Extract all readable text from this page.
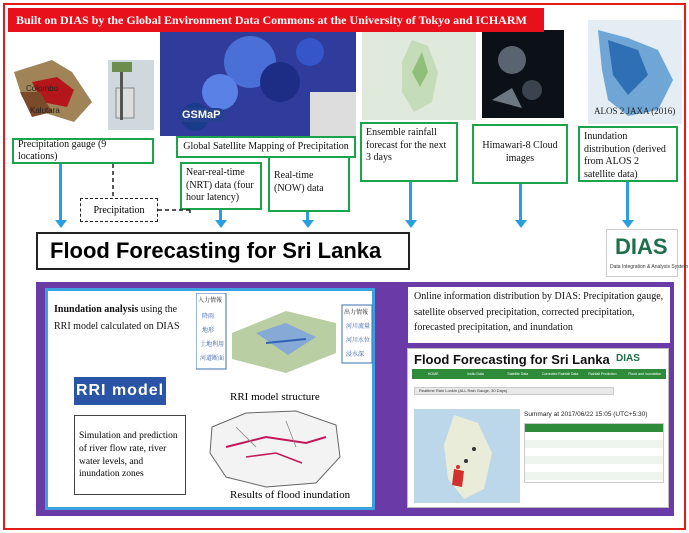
Colombo
Kalutara	GSMaP	ALOS 2 JAXA (2016)
Built on DIAS by the Global Environment Data Commons at the University of Tokyo and ICHARM
Precipitation gauge (9 locations)
Global Satellite Mapping of Precipitation
Near-real-time (NRT) data (four hour latency)
Real-time (NOW) data
Ensemble rainfall forecast for the next 3 days
Himawari-8 Cloud images
Inundation distribution (derived from ALOS 2 satellite data)
Precipitation
Flood Forecasting for Sri Lanka	DIAS
Data Integration & Analysis System
Inundation analysis using the RRI model calculated on DIAS
RRI model
Simulation and prediction of river flow rate, river water levels, and inundation zones
入力情報
降雨
地形
土地利用
河道断面
出力情報
河川流量
河川水位
浸水深
RRI model structure
Results of flood inundation
Online information distribution by DIAS: Precipitation gauge, satellite observed precipitation, corrected precipitation, forecasted precipitation, and inundation
Flood Forecasting for Sri Lanka DIAS
HOME	Insitu Data	Satellite Data	Corrected Rainfall Data	Rainfall Prediction	Flood and Inundation
Realtime Rain Lonkin (ALL Rain Gauge, 30 Days)
Summary at 2017/06/22 15:05 (UTC+5:30)
